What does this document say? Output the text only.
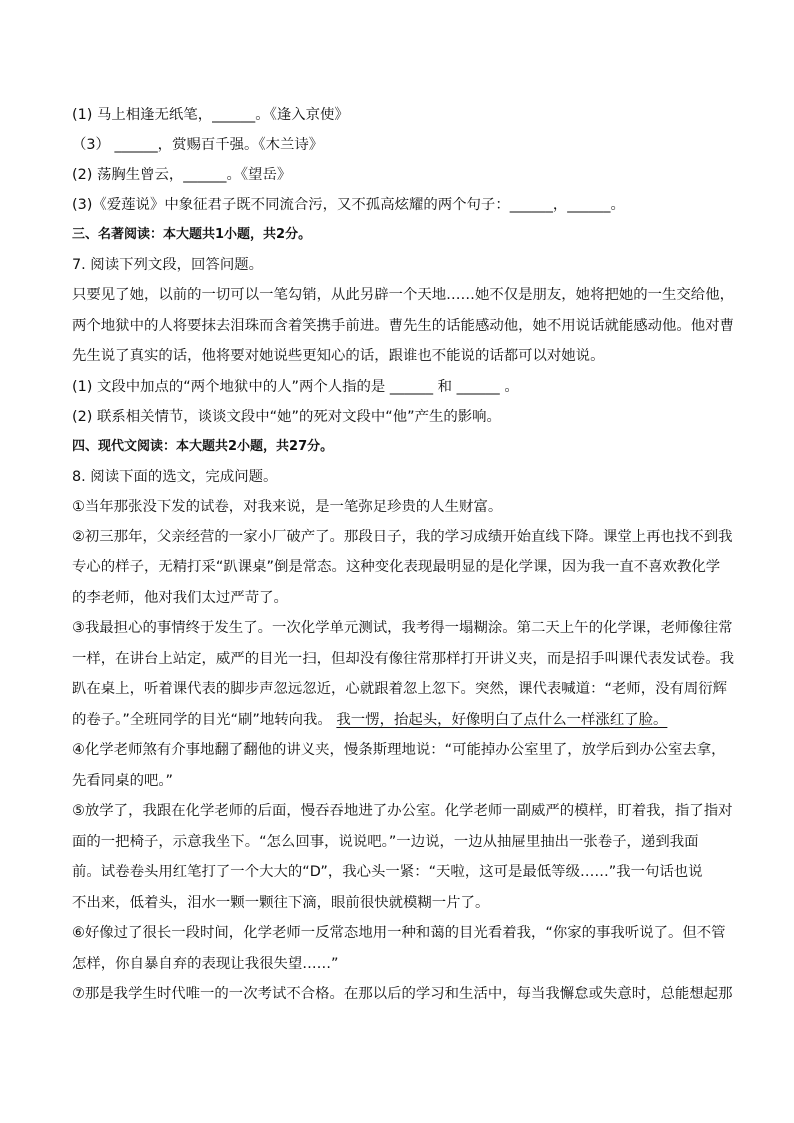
(1) 马上相逢无纸笔，______。《逢入京使》
（3） ______，赏赐百千强。《木兰诗》
(2) 荡胸生曾云，______。《望岳》
(3)《爱莲说》中象征君子既不同流合污，又不孤高炫耀的两个句子：______，______。
三、名著阅读：本大题共1小题，共2分。
7. 阅读下列文段，回答问题。
只要见了她，以前的一切可以一笔勾销，从此另辟一个天地……她不仅是朋友，她将把她的一生交给他，
两个地狱中的人将要抹去泪珠而含着笑携手前进。曹先生的话能感动他，她不用说话就能感动他。他对曹
先生说了真实的话，他将要对她说些更知心的话，跟谁也不能说的话都可以对她说。
(1) 文段中加点的“两个地狱中的人”两个人指的是 ______ 和 ______ 。
(2) 联系相关情节，谈谈文段中“她”的死对文段中“他”产生的影响。
四、现代文阅读：本大题共2小题，共27分。
8. 阅读下面的选文，完成问题。
①当年那张没下发的试卷，对我来说，是一笔弥足珍贵的人生财富。
②初三那年，父亲经营的一家小厂破产了。那段日子，我的学习成绩开始直线下降。课堂上再也找不到我
专心的样子，无精打采“趴课桌”倒是常态。这种变化表现最明显的是化学课，因为我一直不喜欢教化学
的李老师，他对我们太过严苛了。
③我最担心的事情终于发生了。一次化学单元测试，我考得一塌糊涂。第二天上午的化学课，老师像往常
一样，在讲台上站定，威严的目光一扫，但却没有像往常那样打开讲义夹，而是招手叫课代表发试卷。我
趴在桌上，听着课代表的脚步声忽远忽近，心就跟着忽上忽下。突然，课代表喊道：“老师，没有周衍辉
的卷子。”全班同学的目光“刷”地转向我。 我一愣，抬起头，好像明白了点什么一样涨红了脸。
④化学老师煞有介事地翻了翻他的讲义夹，慢条斯理地说：“可能掉办公室里了，放学后到办公室去拿，
先看同桌的吧。”
⑤放学了，我跟在化学老师的后面，慢吞吞地进了办公室。化学老师一副威严的模样，盯着我，指了指对
面的一把椅子，示意我坐下。“怎么回事，说说吧。”一边说，一边从抽屉里抽出一张卷子，递到我面
前。试卷卷头用红笔打了一个大大的“D”，我心头一紧：“天啦，这可是最低等级……”我一句话也说
不出来，低着头，泪水一颗一颗往下滴，眼前很快就模糊一片了。
⑥好像过了很长一段时间，化学老师一反常态地用一种和蔼的目光看着我，“你家的事我听说了。但不管
怎样，你自暴自弃的表现让我很失望……”
⑦那是我学生时代唯一的一次考试不合格。在那以后的学习和生活中，每当我懈怠或失意时，总能想起那
